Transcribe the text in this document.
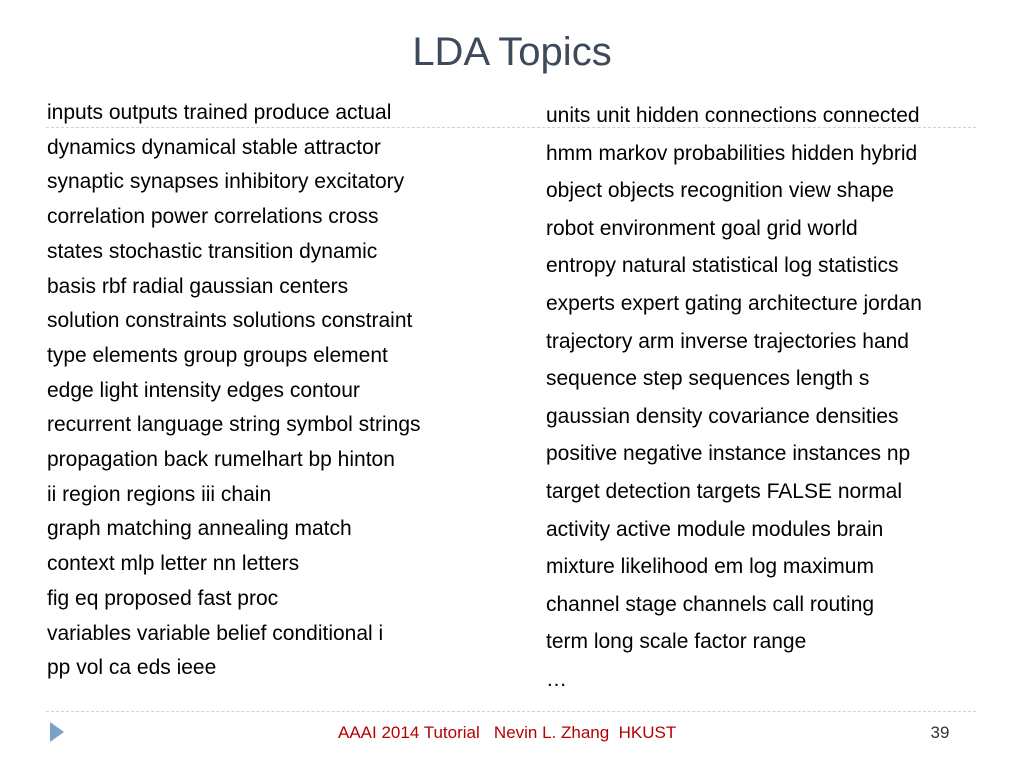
LDA Topics
inputs outputs trained produce actual
dynamics dynamical stable attractor
synaptic synapses inhibitory excitatory
correlation power correlations cross
states stochastic transition dynamic
basis rbf radial gaussian centers
solution constraints solutions constraint
type elements group groups element
edge light intensity edges contour
recurrent language string symbol strings
propagation back rumelhart bp hinton
ii region regions iii chain
graph matching annealing match
context mlp letter nn letters
fig eq proposed fast proc
variables variable belief conditional i
pp vol ca eds ieee
units unit hidden connections connected
hmm markov probabilities hidden hybrid
object objects recognition view shape
robot environment goal grid world
entropy natural statistical log statistics
experts expert gating architecture jordan
trajectory arm inverse trajectories hand
sequence step sequences length s
gaussian density covariance densities
positive negative instance instances np
target detection targets FALSE normal
activity active module modules brain
mixture likelihood em log maximum
channel stage channels call routing
term long scale factor range
…
AAAI 2014 Tutorial   Nevin L. Zhang  HKUST	39
